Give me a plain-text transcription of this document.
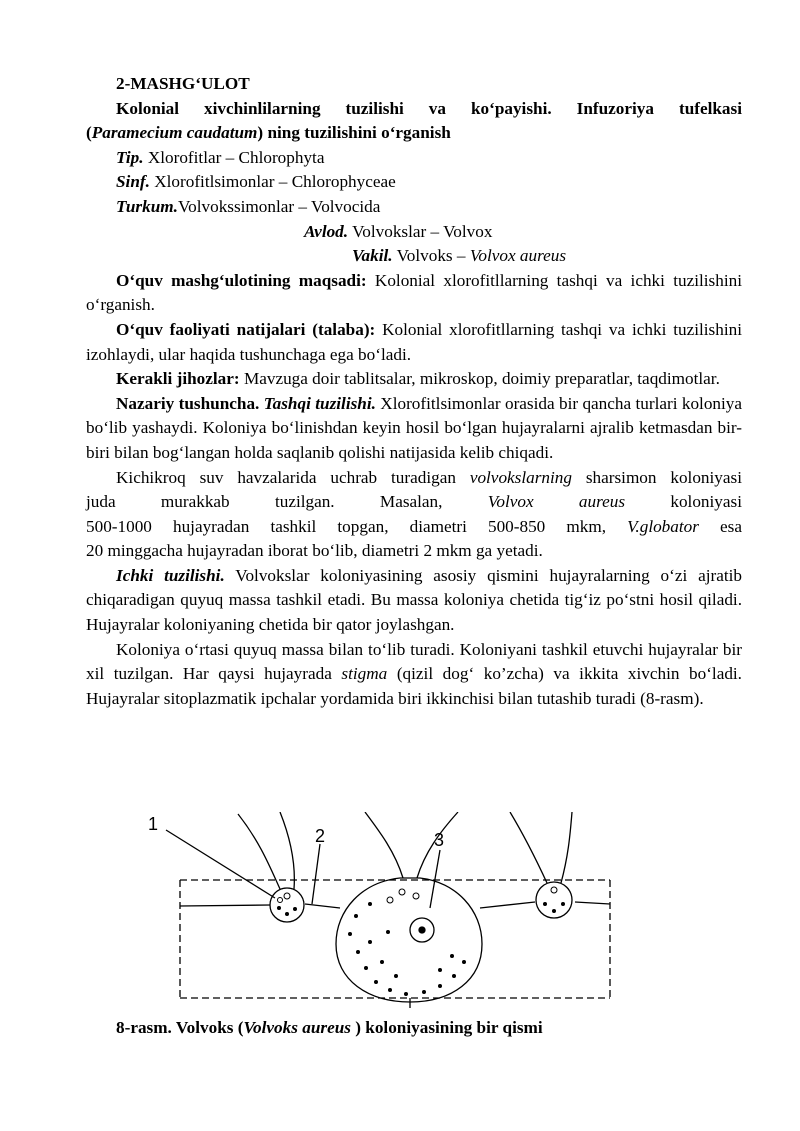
2-MASHG‘ULOT

Kolonial xivchinlilarning tuzilishi va ko‘payishi. Infuzoriya tufelkasi

(Paramecium caudatum) ning tuzilishini o‘rganish

Tip. Xlorofitlar – Chlorophyta

Sinf. Xlorofitlsimonlar – Chlorophyceae

Turkum.Volvokssimonlar – Volvocida

Avlod. Volvokslar – Volvox

Vakil. Volvoks – Volvox aureus

O‘quv mashg‘ulotining maqsadi: Kolonial xlorofitllarning tashqi va ichki tuzilishini o‘rganish.

O‘quv faoliyati natijalari (talaba): Kolonial xlorofitllarning tashqi va ichki tuzilishini izohlaydi, ular haqida tushunchaga ega bo‘ladi.

Kerakli jihozlar: Mavzuga doir tablitsalar, mikroskop, doimiy preparatlar, taqdimotlar.

Nazariy tushuncha. Tashqi tuzilishi. Xlorofitlsimonlar orasida bir qancha turlari koloniya bo‘lib yashaydi. Koloniya bo‘linishdan keyin hosil bo‘lgan hujayralarni ajralib ketmasdan bir-biri bilan bog‘langan holda saqlanib qolishi natijasida kelib chiqadi.

Kichikroq suv havzalarida uchrab turadigan volvokslarning sharsimon koloniyasi

juda murakkab tuzilgan. Masalan, Volvox aureus koloniyasi

500-1000 hujayradan tashkil topgan, diametri 500-850 mkm, V.globator esa

20 minggacha hujayradan iborat bo‘lib, diametri 2 mkm ga yetadi.

Ichki tuzilishi. Volvokslar koloniyasining asosiy qismini hujayralarning o‘zi ajratib chiqaradigan quyuq massa tashkil etadi. Bu massa koloniya chetida tig‘iz po‘stni hosil qiladi. Hujayralar koloniyaning chetida bir qator joylashgan.

Koloniya o‘rtasi quyuq massa bilan to‘lib turadi. Koloniyani tashkil etuvchi hujayralar bir xil tuzilgan. Har qaysi hujayrada stigma (qizil dog‘ ko’zcha) va ikkita xivchin bo‘ladi. Hujayralar sitoplazmatik ipchalar yordamida biri ikkinchisi bilan tutashib turadi (8-rasm).

1
2	3
8-rasm. Volvoks (Volvoks aureus ) koloniyasining bir qismi
